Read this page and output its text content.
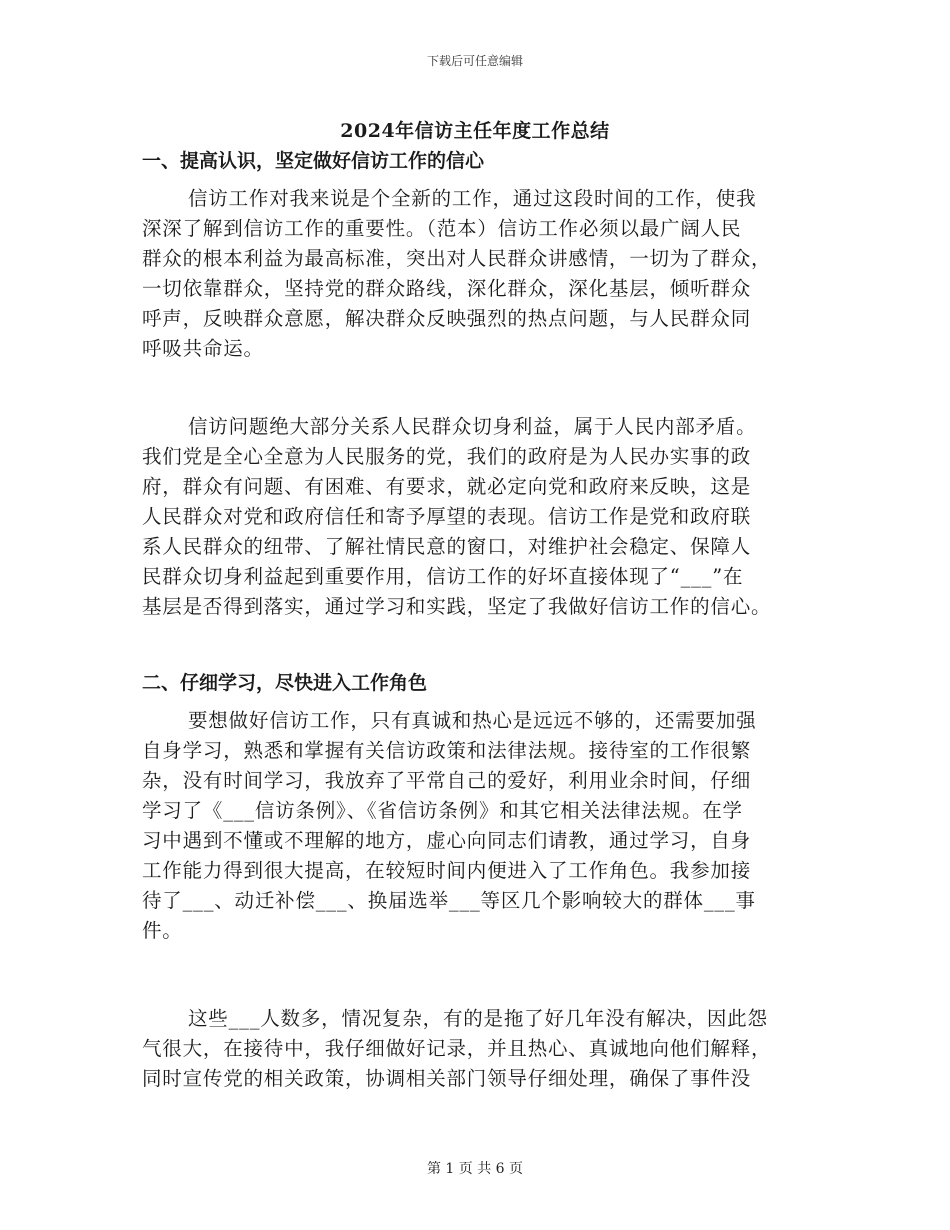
下载后可任意编辑
2024年信访主任年度工作总结
一、提高认识，坚定做好信访工作的信心
信访工作对我来说是个全新的工作，通过这段时间的工作，使我
深深了解到信访工作的重要性。（范本）信访工作必须以最广阔人民
群众的根本利益为最高标准，突出对人民群众讲感情，一切为了群众，
一切依靠群众，坚持党的群众路线，深化群众，深化基层，倾听群众
呼声，反映群众意愿，解决群众反映强烈的热点问题，与人民群众同
呼吸共命运。
信访问题绝大部分关系人民群众切身利益，属于人民内部矛盾。
我们党是全心全意为人民服务的党，我们的政府是为人民办实事的政
府，群众有问题、有困难、有要求，就必定向党和政府来反映，这是
人民群众对党和政府信任和寄予厚望的表现。信访工作是党和政府联
系人民群众的纽带、了解社情民意的窗口，对维护社会稳定、保障人
民群众切身利益起到重要作用，信访工作的好坏直接体现了“___”在
基层是否得到落实，通过学习和实践，坚定了我做好信访工作的信心。
二、仔细学习，尽快进入工作角色
要想做好信访工作，只有真诚和热心是远远不够的，还需要加强
自身学习，熟悉和掌握有关信访政策和法律法规。接待室的工作很繁
杂，没有时间学习，我放弃了平常自己的爱好，利用业余时间，仔细
学习了《___信访条例》、《省信访条例》和其它相关法律法规。在学
习中遇到不懂或不理解的地方，虚心向同志们请教，通过学习，自身
工作能力得到很大提高，在较短时间内便进入了工作角色。我参加接
待了___、动迁补偿___、换届选举___等区几个影响较大的群体___事
件。
这些___人数多，情况复杂，有的是拖了好几年没有解决，因此怨
气很大，在接待中，我仔细做好记录，并且热心、真诚地向他们解释，
同时宣传党的相关政策，协调相关部门领导仔细处理，确保了事件没
第 1 页 共 6 页
